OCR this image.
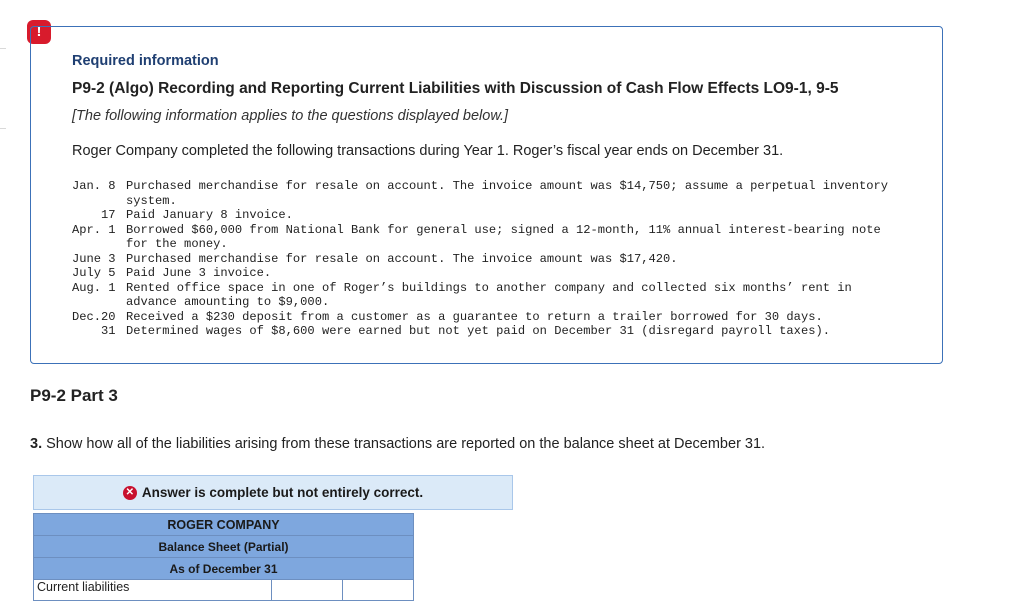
!
Required information
P9-2 (Algo) Recording and Reporting Current Liabilities with Discussion of Cash Flow Effects LO9-1, 9-5
[The following information applies to the questions displayed below.]
Roger Company completed the following transactions during Year 1. Roger’s fiscal year ends on December 31.
Jan. 8 Purchased merchandise for resale on account. The invoice amount was $14,750; assume a perpetual inventory system.
17 Paid January 8 invoice.
Apr. 1 Borrowed $60,000 from National Bank for general use; signed a 12-month, 11% annual interest-bearing note for the money.
June 3 Purchased merchandise for resale on account. The invoice amount was $17,420.
July 5 Paid June 3 invoice.
Aug. 1 Rented office space in one of Roger’s buildings to another company and collected six months’ rent in advance amounting to $9,000.
Dec.20 Received a $230 deposit from a customer as a guarantee to return a trailer borrowed for 30 days.
31 Determined wages of $8,600 were earned but not yet paid on December 31 (disregard payroll taxes).
P9-2 Part 3
3. Show how all of the liabilities arising from these transactions are reported on the balance sheet at December 31.
✕ Answer is complete but not entirely correct.
ROGER COMPANY
Balance Sheet (Partial)
As of December 31
Current liabilities		
